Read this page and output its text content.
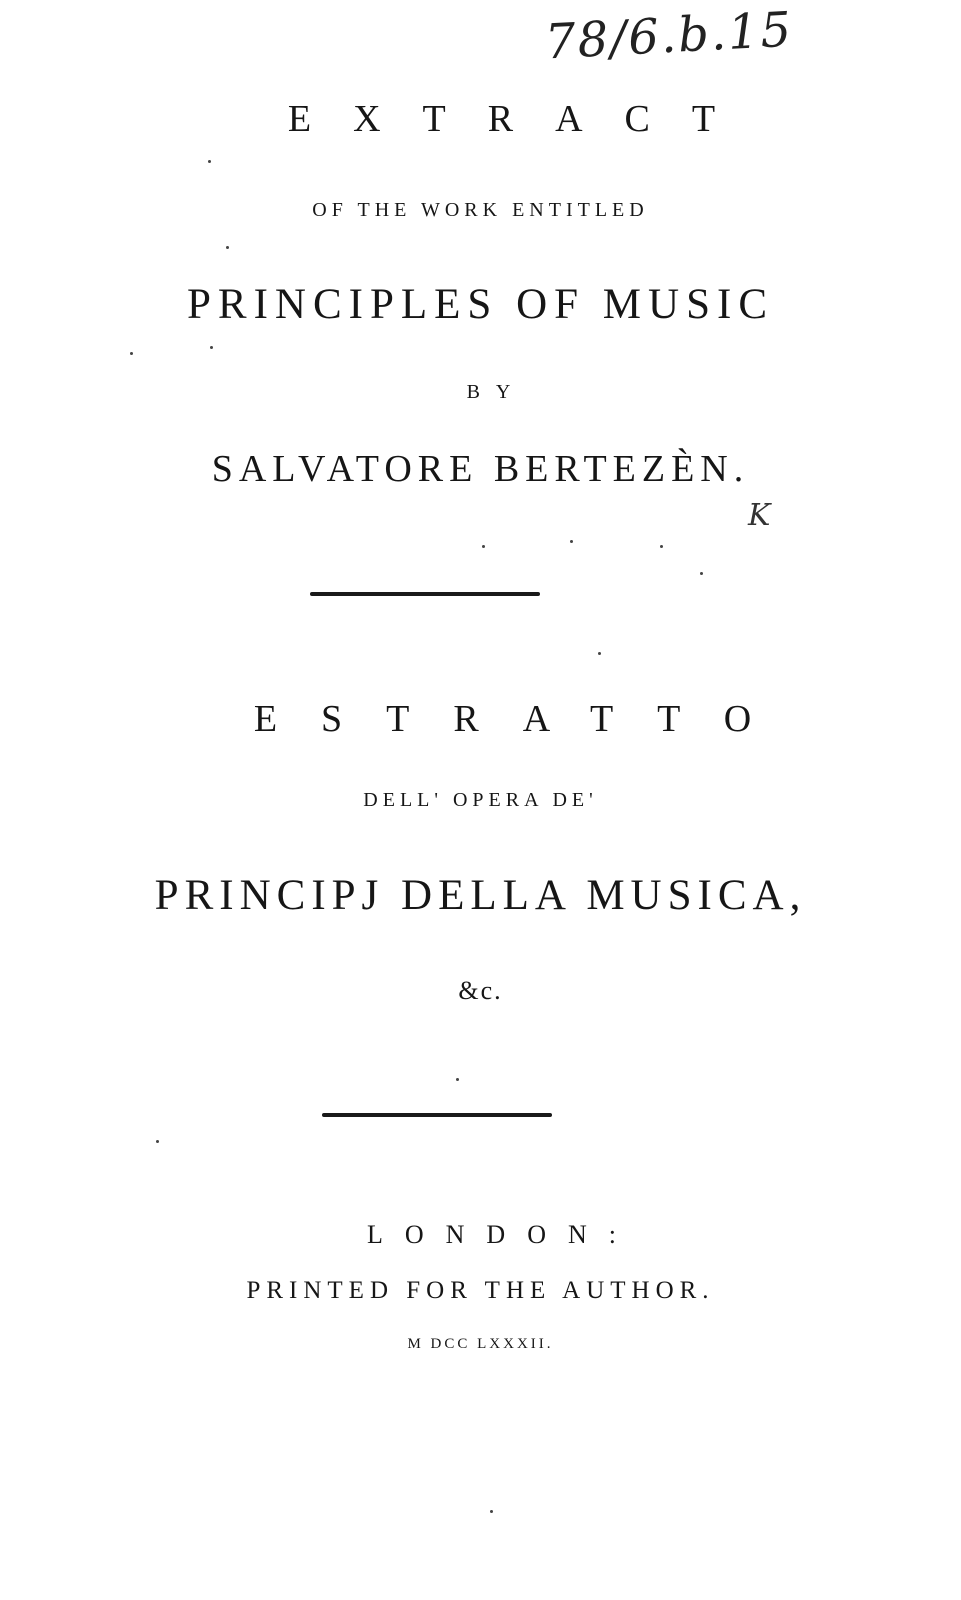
78/6.b.15
EXTRACT
OF THE WORK ENTITLED
PRINCIPLES OF MUSIC
BY
SALVATORE BERTEZÈN.
K
ESTRATTO
DELL' OPERA DE'
PRINCIPJ DELLA MUSICA,
&c.
LONDON:
PRINTED FOR THE AUTHOR.
M DCC LXXXII.
